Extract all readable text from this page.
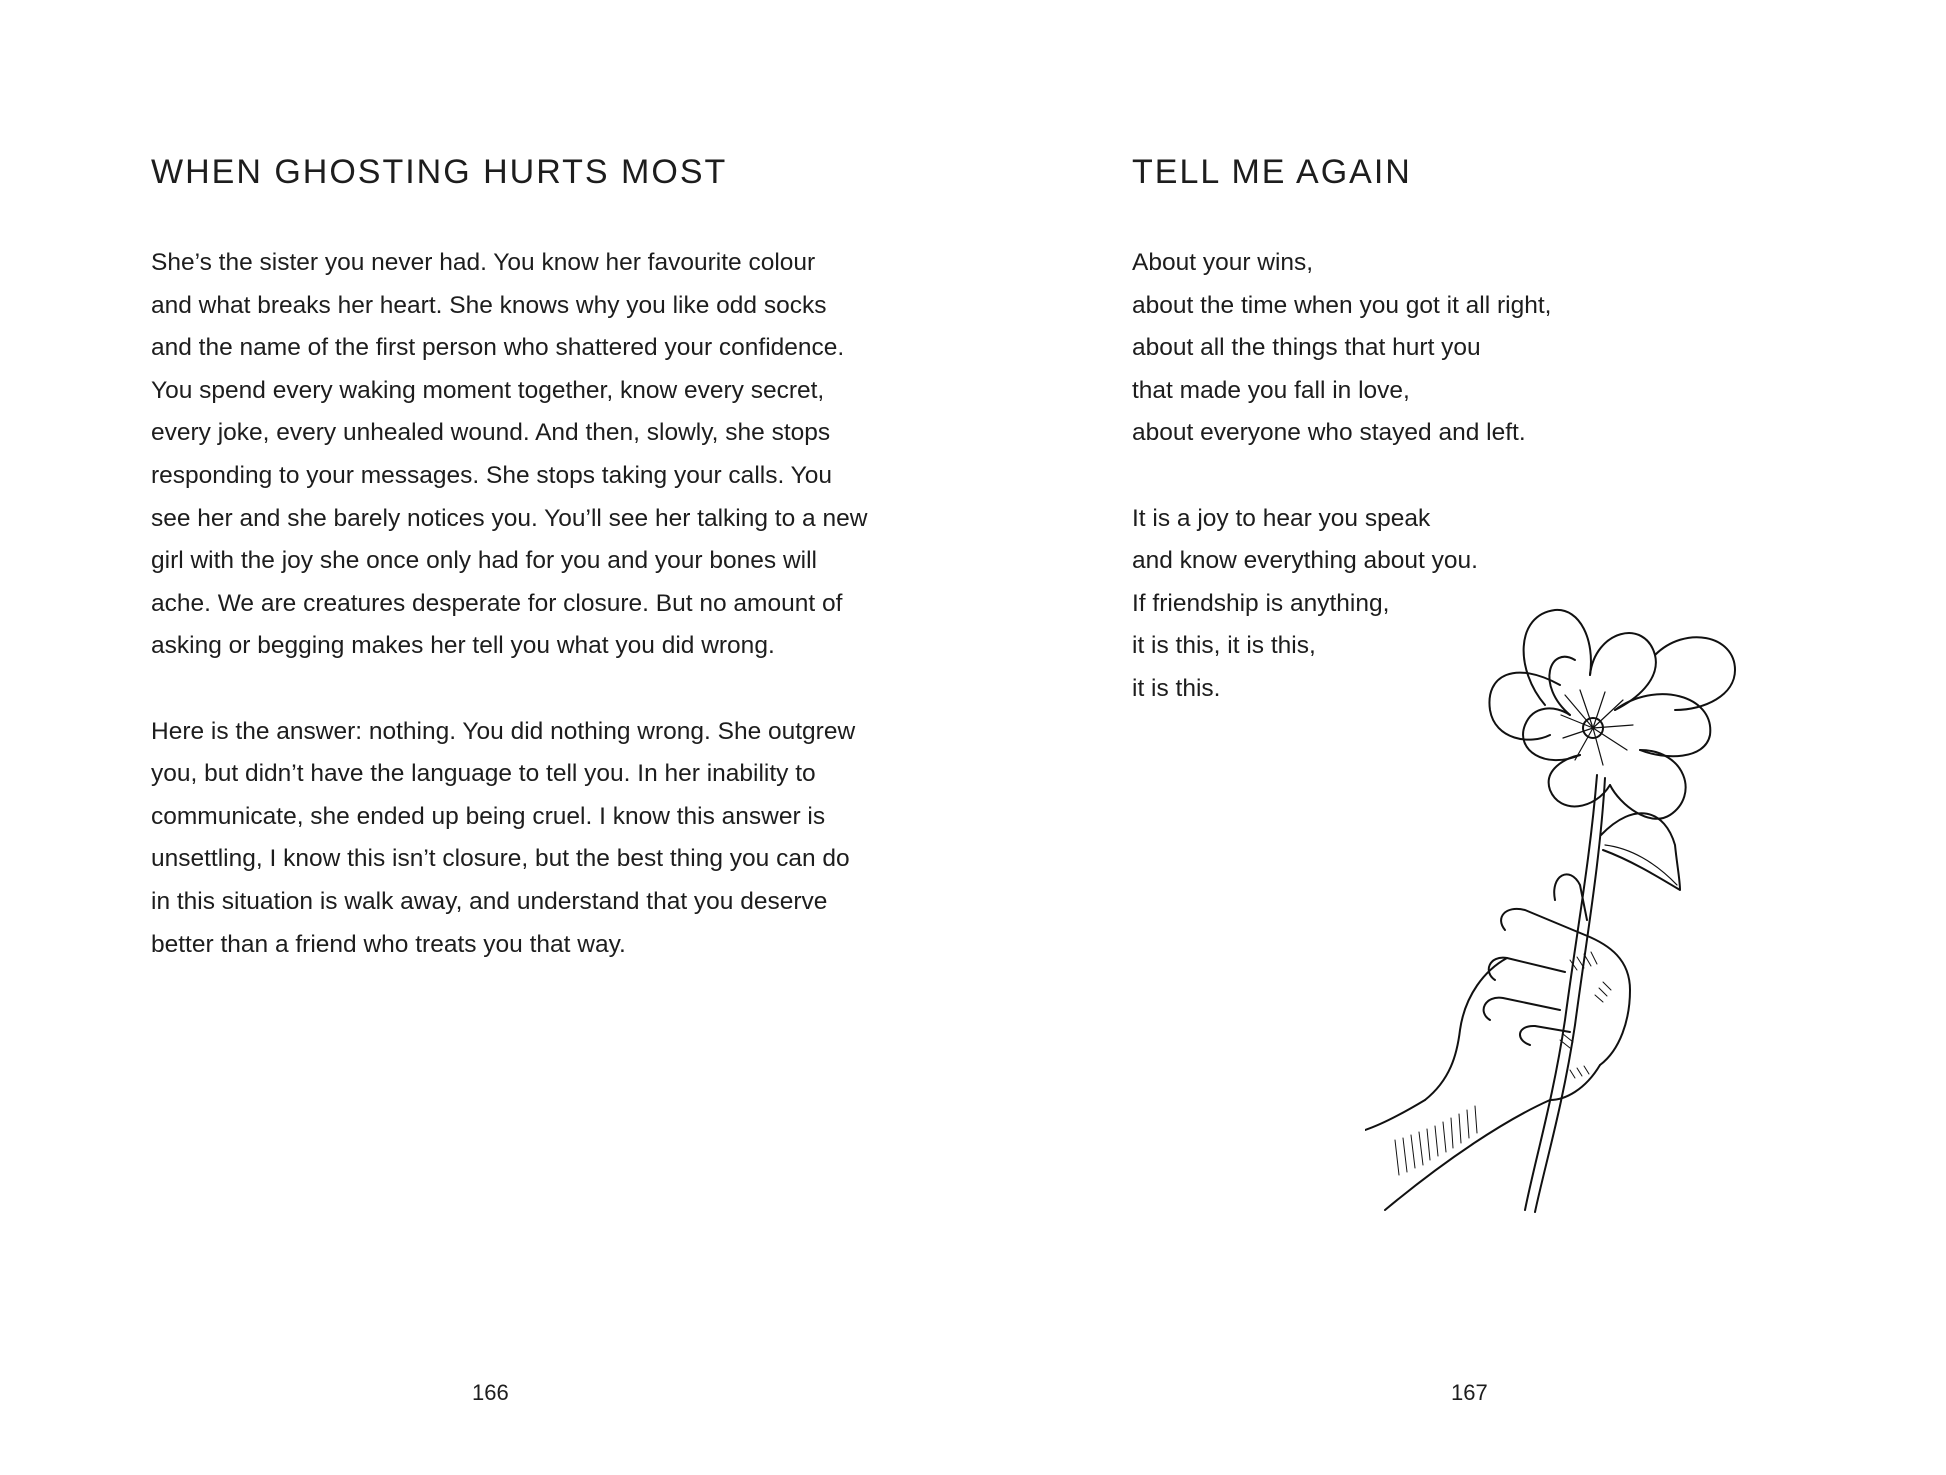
WHEN GHOSTING HURTS MOST
She’s the sister you never had. You know her favourite colour
and what breaks her heart. She knows why you like odd socks
and the name of the first person who shattered your confidence.
You spend every waking moment together, know every secret,
every joke, every unhealed wound. And then, slowly, she stops
responding to your messages. She stops taking your calls. You
see her and she barely notices you. You’ll see her talking to a new
girl with the joy she once only had for you and your bones will
ache. We are creatures desperate for closure. But no amount of
asking or begging makes her tell you what you did wrong.
Here is the answer: nothing. You did nothing wrong. She outgrew
you, but didn’t have the language to tell you. In her inability to
communicate, she ended up being cruel. I know this answer is
unsettling, I know this isn’t closure, but the best thing you can do
in this situation is walk away, and understand that you deserve
better than a friend who treats you that way.
166
TELL ME AGAIN
About your wins,
about the time when you got it all right,
about all the things that hurt you
that made you fall in love,
about everyone who stayed and left.
It is a joy to hear you speak
and know everything about you.
If friendship is anything,
it is this, it is this,
it is this.
167
